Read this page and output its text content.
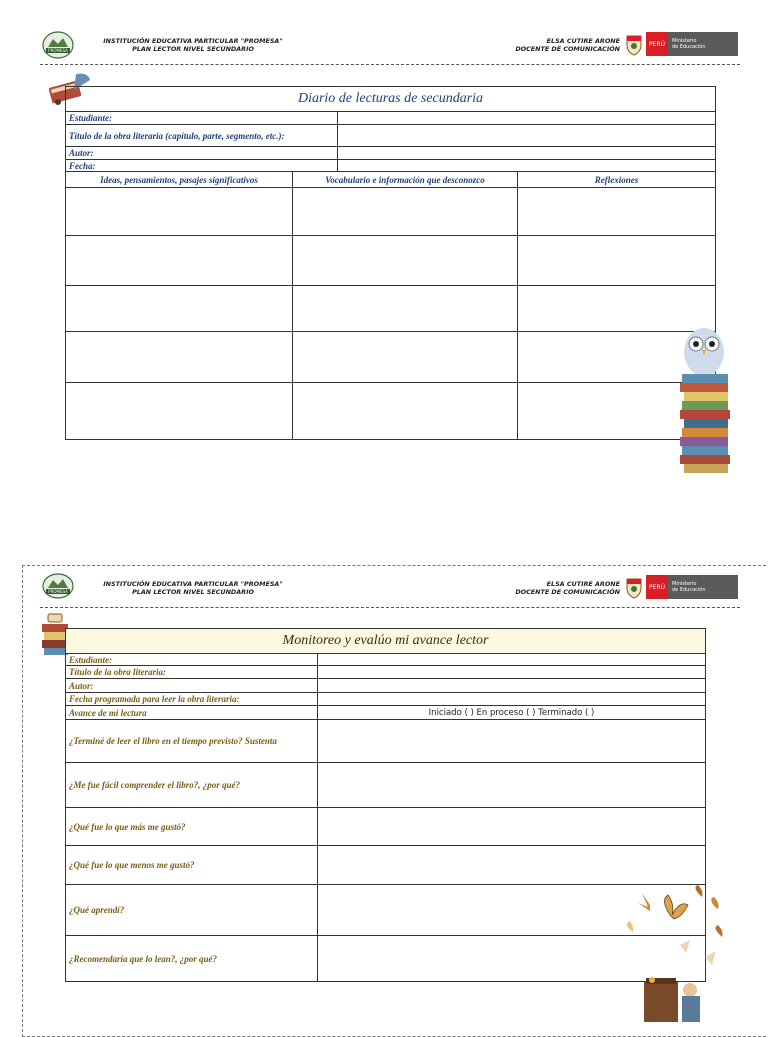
PROMESA
INSTITUCIÓN EDUCATIVA PARTICULAR "PROMESA"
PLAN LECTOR NIVEL SECUNDARIO
ELSA CUTIRE ARONE
DOCENTE DE COMUNICACIÓN
PERÚ	Ministerio
de Educación
Diario de lecturas de secundaria			
Estudiante:			
Título de la obra literaria (capítulo, parte, segmento, etc.):			
Autor:			
Fecha:			
Ideas, pensamientos, pasajes significativos	Vocabulario e información que desconozco		Reflexiones

PROMESA
INSTITUCIÓN EDUCATIVA PARTICULAR "PROMESA"
PLAN LECTOR NIVEL SECUNDARIO
ELSA CUTIRE ARONE
DOCENTE DE COMUNICACIÓN
PERÚ	Ministerio
de Educación
Monitoreo y evalúo mi avance lector	
Estudiante:	
Título de la obra literaria:	
Autor:	
Fecha programada para leer la obra literaria:	
Avance de mi lectura	Iniciado ( ) En proceso ( ) Terminado ( )
¿Terminé de leer el libro en el tiempo previsto? Sustenta	
¿Me fue fácil comprender el libro?, ¿por qué?	
¿Qué fue lo que más me gustó?	
¿Qué fue lo que menos me gustó?	
¿Qué aprendí?	
¿Recomendaría que lo lean?, ¿por qué?	
